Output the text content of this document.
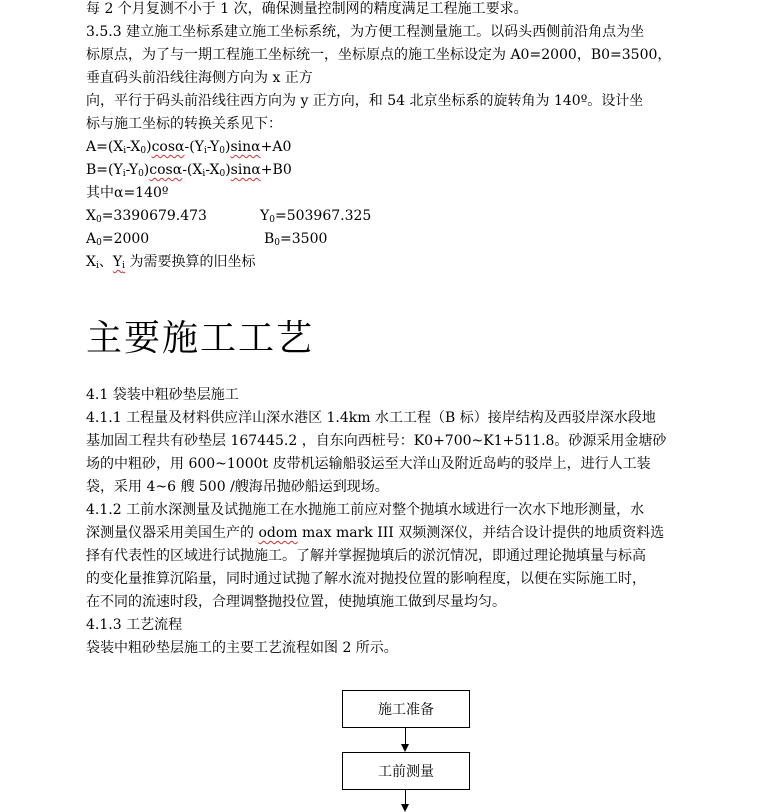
每 2 个月复测不小于 1 次，确保测量控制网的精度满足工程施工要求。
3.5.3 建立施工坐标系建立施工坐标系统，为方便工程测量施工。以码头西侧前沿角点为坐
标原点，为了与一期工程施工坐标统一，坐标原点的施工坐标设定为 A0=2000，B0=3500，
垂直码头前沿线往海侧方向为 x 正方
向，平行于码头前沿线往西方向为 y 正方向，和 54 北京坐标系的旋转角为 140º。设计坐
标与施工坐标的转换关系见下：
$A=(X_i-X_0)\cos\alpha-(Y_i-Y_0)\sin\alpha+A0$
$B=(Y_i-Y_0)\cos\alpha-(X_i-X_0)\sin\alpha+B0$
其中α=140º
$X_0=3390679.473$	$Y_0=503967.325$
$A_0=2000$	$B_0=3500$
$X_i$、$Y_i$ 为需要换算的旧坐标
主要施工工艺
4.1 袋装中粗砂垫层施工
4.1.1 工程量及材料供应洋山深水港区 1.4km 水工工程（B 标）接岸结构及西驳岸深水段地
基加固工程共有砂垫层 167445.2 ，自东向西桩号：K0+700~K1+511.8。砂源采用金塘砂
场的中粗砂，用 600~1000t 皮带机运输船驳运至大洋山及附近岛屿的驳岸上，进行人工装
袋，采用 4~6 艘 500 /艘海吊抛砂船运到现场。
4.1.2 工前水深测量及试抛施工在水抛施工前应对整个抛填水域进行一次水下地形测量，水
深测量仪器采用美国生产的 odom max mark III 双频测深仪，并结合设计提供的地质资料选
择有代表性的区域进行试抛施工。了解并掌握抛填后的淤沉情况，即通过理论抛填量与标高
的变化量推算沉陷量，同时通过试抛了解水流对抛投位置的影响程度，以便在实际施工时，
在不同的流速时段，合理调整抛投位置，使抛填施工做到尽量均匀。
4.1.3 工艺流程
袋装中粗砂垫层施工的主要工艺流程如图 2 所示。
施工准备
工前测量
